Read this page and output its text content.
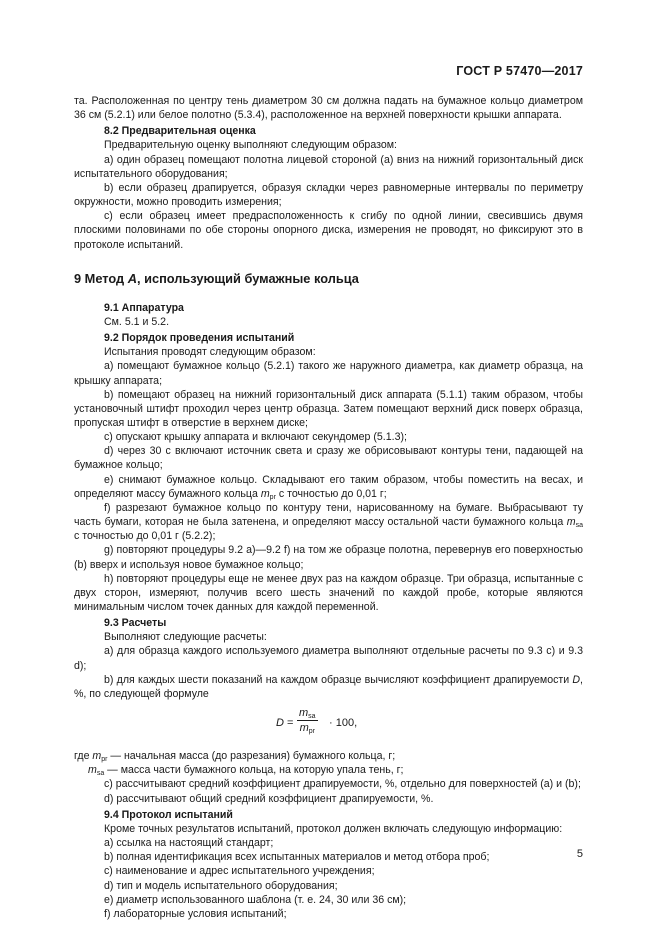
ГОСТ Р 57470—2017

та. Расположенная по центру тень диаметром 30 см должна падать на бумажное кольцо диаметром 36 см (5.2.1) или белое полотно (5.3.4), расположенное на верхней поверхности крышки аппарата.

8.2 Предварительная оценка

Предварительную оценку выполняют следующим образом:

а) один образец помещают полотна лицевой стороной (а) вниз на нижний горизонтальный диск испытательного оборудования;

b) если образец драпируется, образуя складки через равномерные интервалы по периметру окружности, можно проводить измерения;

c) если образец имеет предрасположенность к сгибу по одной линии, свесившись двумя плоскими половинами по обе стороны опорного диска, измерения не проводят, но фиксируют это в протоколе испытаний.

9 Метод А, использующий бумажные кольца

9.1 Аппаратура

См. 5.1 и 5.2.

9.2 Порядок проведения испытаний

Испытания проводят следующим образом:

а) помещают бумажное кольцо (5.2.1) такого же наружного диаметра, как диаметр образца, на крышку аппарата;

b) помещают образец на нижний горизонтальный диск аппарата (5.1.1) таким образом, чтобы установочный штифт проходил через центр образца. Затем помещают верхний диск поверх образца, пропуская штифт в отверстие в верхнем диске;

c) опускают крышку аппарата и включают секундомер (5.1.3);

d) через 30 с включают источник света и сразу же обрисовывают контуры тени, падающей на бумажное кольцо;

e) снимают бумажное кольцо. Складывают его таким образом, чтобы поместить на весах, и определяют массу бумажного кольца $m_{pr}$ с точностью до 0,01 г;

f) разрезают бумажное кольцо по контуру тени, нарисованному на бумаге. Выбрасывают ту часть бумаги, которая не была затенена, и определяют массу остальной части бумажного кольца $m_{sa}$ с точностью до 0,01 г (5.2.2);

g) повторяют процедуры 9.2 а)—9.2 f) на том же образце полотна, перевернув его поверхностью (b) вверх и используя новое бумажное кольцо;

h) повторяют процедуры еще не менее двух раз на каждом образце. Три образца, испытанные с двух сторон, измеряют, получив всего шесть значений по каждой пробе, которые являются минимальным числом точек данных для каждой переменной.

9.3 Расчеты

Выполняют следующие расчеты:

а) для образца каждого используемого диаметра выполняют отдельные расчеты по 9.3 c) и 9.3 d);

b) для каждых шести показаний на каждом образце вычисляют коэффициент драпируемости D, %, по следующей формуле

D =
$m_{sa}$
$m_{pr}$
· 100,

где $m_{pr}$ — начальная масса (до разрезания) бумажного кольца, г;

$m_{sa}$ — масса части бумажного кольца, на которую упала тень, г;

c) рассчитывают средний коэффициент драпируемости, %, отдельно для поверхностей (а) и (b);

d) рассчитывают общий средний коэффициент драпируемости, %.

9.4 Протокол испытаний

Кроме точных результатов испытаний, протокол должен включать следующую информацию:

а) ссылка на настоящий стандарт;

b) полная идентификация всех испытанных материалов и метод отбора проб;

c) наименование и адрес испытательного учреждения;

d) тип и модель испытательного оборудования;

e) диаметр использованного шаблона (т. е. 24, 30 или 36 см);

f) лабораторные условия испытаний;

5
